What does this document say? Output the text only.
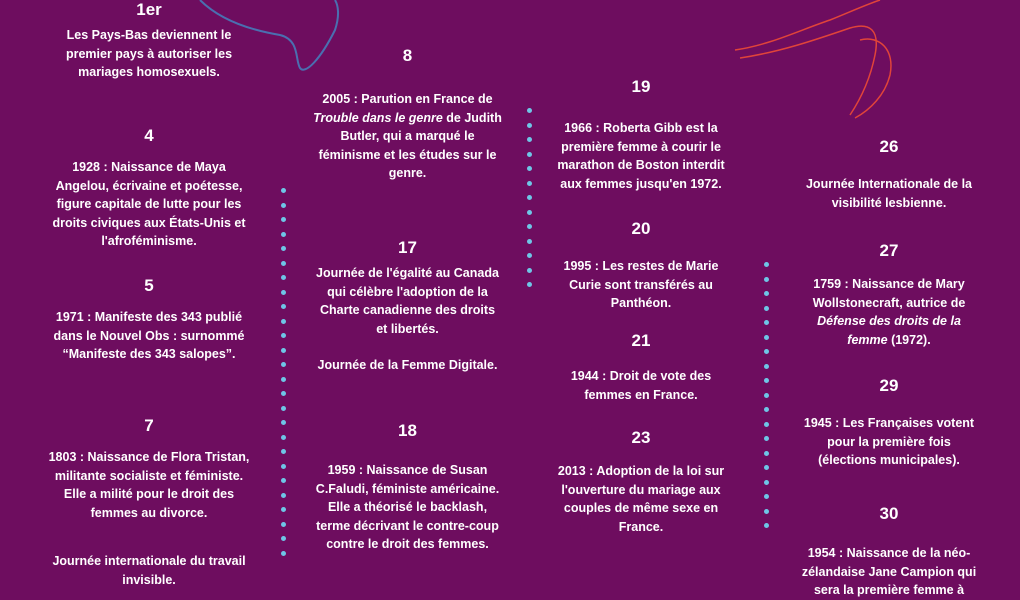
1er

Les Pays-Bas deviennent le

premier pays à autoriser les

mariages homosexuels.

4

1928 : Naissance de Maya

Angelou, écrivaine et poétesse,

figure capitale de lutte pour les

droits civiques aux États-Unis et

l'afroféminisme.

5

1971 : Manifeste des 343 publié

dans le Nouvel Obs : surnommé

“Manifeste des 343 salopes”.

7

1803 : Naissance de Flora Tristan,

militante socialiste et féministe.

Elle a milité pour le droit des

femmes au divorce.

Journée internationale du travail

invisible.

8

2005 : Parution en France de

Trouble dans le genre de Judith

Butler, qui a marqué le

féminisme et les études sur le

genre.

17

Journée de l'égalité au Canada

qui célèbre l'adoption de la

Charte canadienne des droits

et libertés.

Journée de la Femme Digitale.

18

1959 : Naissance de Susan

C.Faludi, féministe américaine.

Elle a théorisé le backlash,

terme décrivant le contre-coup

contre le droit des femmes.

19

1966 : Roberta Gibb est la

première femme à courir le

marathon de Boston interdit

aux femmes jusqu'en 1972.

20

1995 : Les restes de Marie

Curie sont transférés au

Panthéon.

21

1944 : Droit de vote des

femmes en France.

23

2013 : Adoption de la loi sur

l'ouverture du mariage aux

couples de même sexe en

France.

26

Journée Internationale de la

visibilité lesbienne.

27

1759 : Naissance de Mary

Wollstonecraft, autrice de

Défense des droits de la

femme (1972).

29

1945 : Les Françaises votent

pour la première fois

(élections municipales).

30

1954 : Naissance de la néo-

zélandaise Jane Campion qui

sera la première femme à
